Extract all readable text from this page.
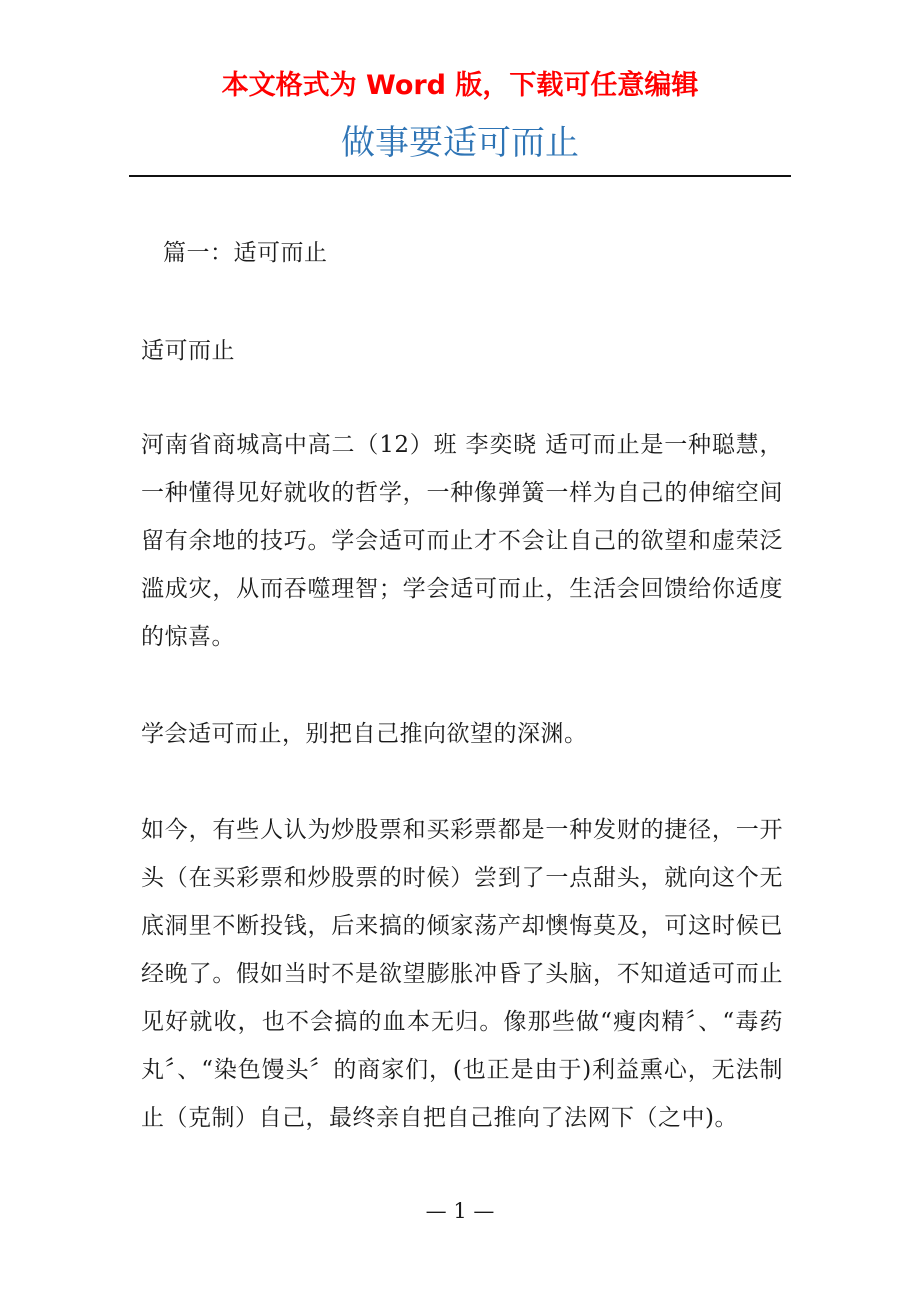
本文格式为 Word 版，下载可任意编辑
做事要适可而止

篇一：适可而止

适可而止

河南省商城高中高二（12）班 李奕晓 适可而止是一种聪慧，一种懂得见好就收的哲学，一种像弹簧一样为自己的伸缩空间留有余地的技巧。学会适可而止才不会让自己的欲望和虚荣泛滥成灾，从而吞噬理智；学会适可而止，生活会回馈给你适度的惊喜。

学会适可而止，别把自己推向欲望的深渊。

如今，有些人认为炒股票和买彩票都是一种发财的捷径，一开头（在买彩票和炒股票的时候）尝到了一点甜头，就向这个无底洞里不断投钱，后来搞的倾家荡产却懊悔莫及，可这时候已经晚了。假如当时不是欲望膨胀冲昏了头脑，不知道适可而止见好就收，也不会搞的血本无归。像那些做“瘦肉精〞、“毒药丸〞、“染色馒头〞的商家们，(也正是由于)利益熏心，无法制止（克制）自己，最终亲自把自己推向了法网下（之中)。

— 1 —
